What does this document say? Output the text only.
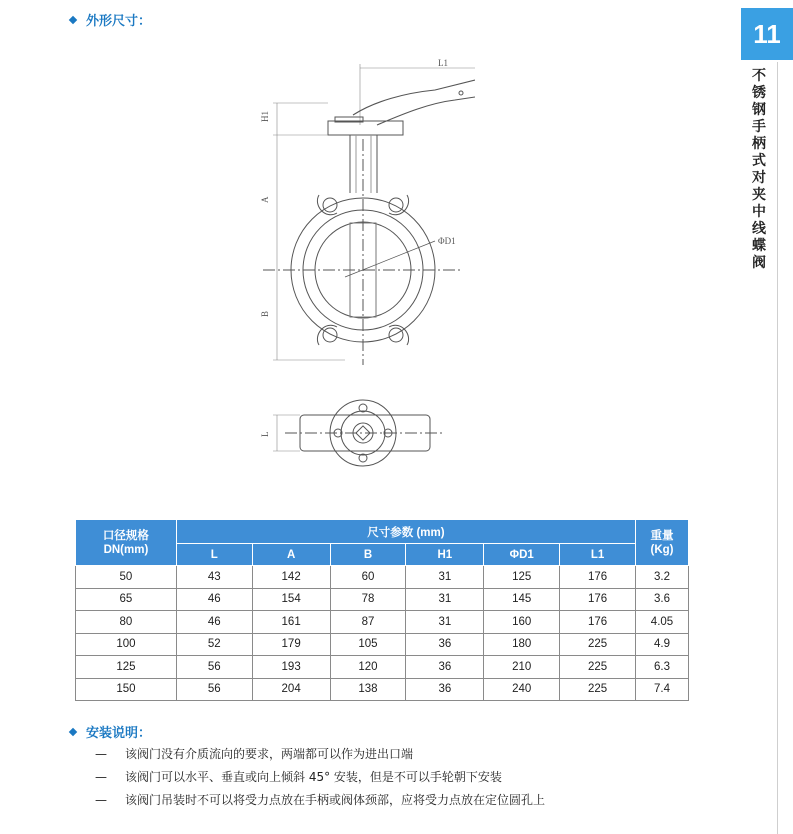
外形尺寸：	11
不锈钢手柄式对夹中线蝶阀
L1
H1
A
B
ΦD1
L
口径规格
DN(mm)	尺寸参数 (mm)						重量
(Kg)
	L	A	B	H1	ΦD1	L1	
50	43	142	60	31	125	176	3.2
65	46	154	78	31	145	176	3.6
80	46	161	87	31	160	176	4.05
100	52	179	105	36	180	225	4.9
125	56	193	120	36	210	225	6.3
150	56	204	138	36	240	225	7.4
安装说明：
— 该阀门没有介质流向的要求，两端都可以作为进出口端
— 该阀门可以水平、垂直或向上倾斜 45° 安装，但是不可以手轮朝下安装
— 该阀门吊装时不可以将受力点放在手柄或阀体颈部，应将受力点放在定位圆孔上
